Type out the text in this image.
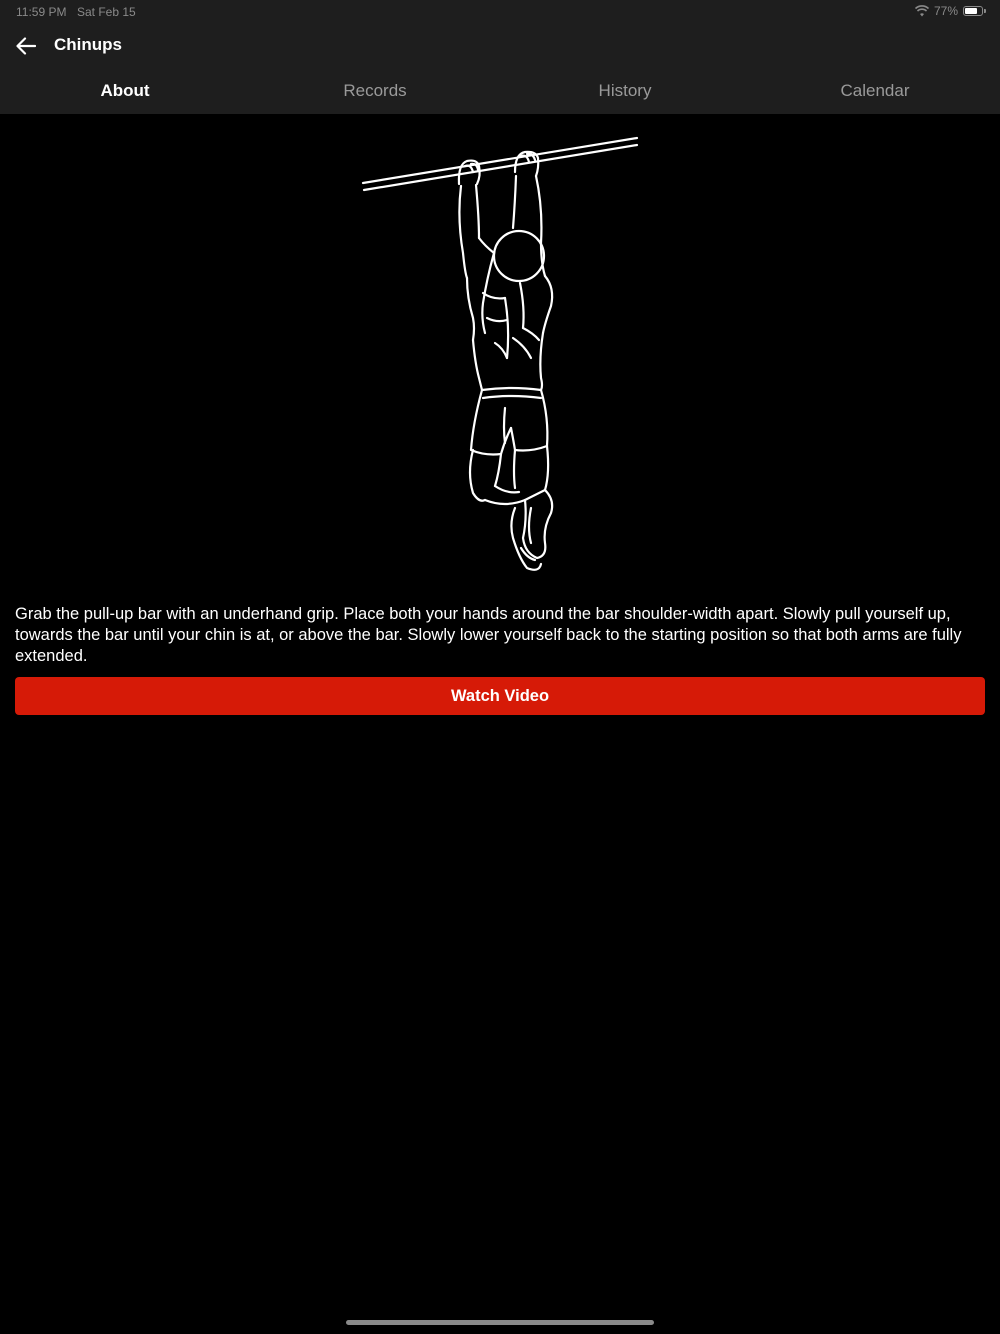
11:59 PM Sat Feb 15	77%
Chinups
About	Records	History	Calendar
Grab the pull-up bar with an underhand grip. Place both your hands around the bar shoulder-width apart. Slowly pull yourself up, towards the bar until your chin is at, or above the bar. Slowly lower yourself back to the starting position so that both arms are fully extended.
Watch Video
